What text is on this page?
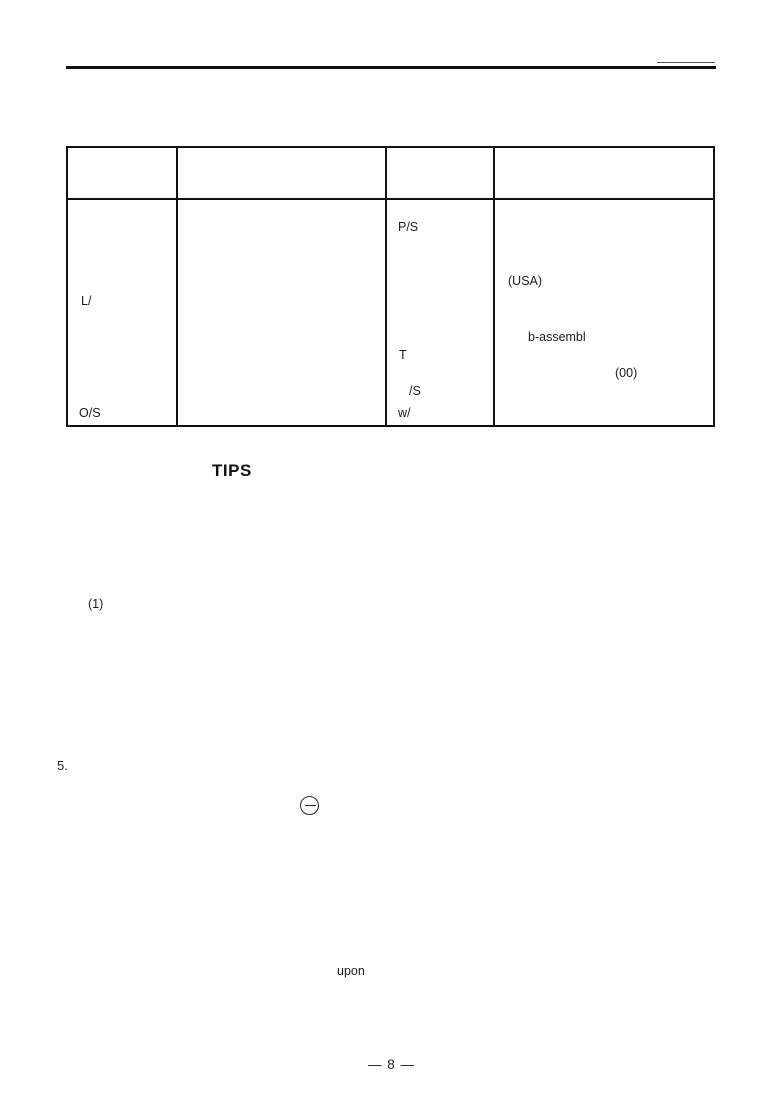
P/S
(USA)
L/
b-assembl
T
(00)
/S
w/
O/S
TIPS
(1)
5.
upon
— 8 —
